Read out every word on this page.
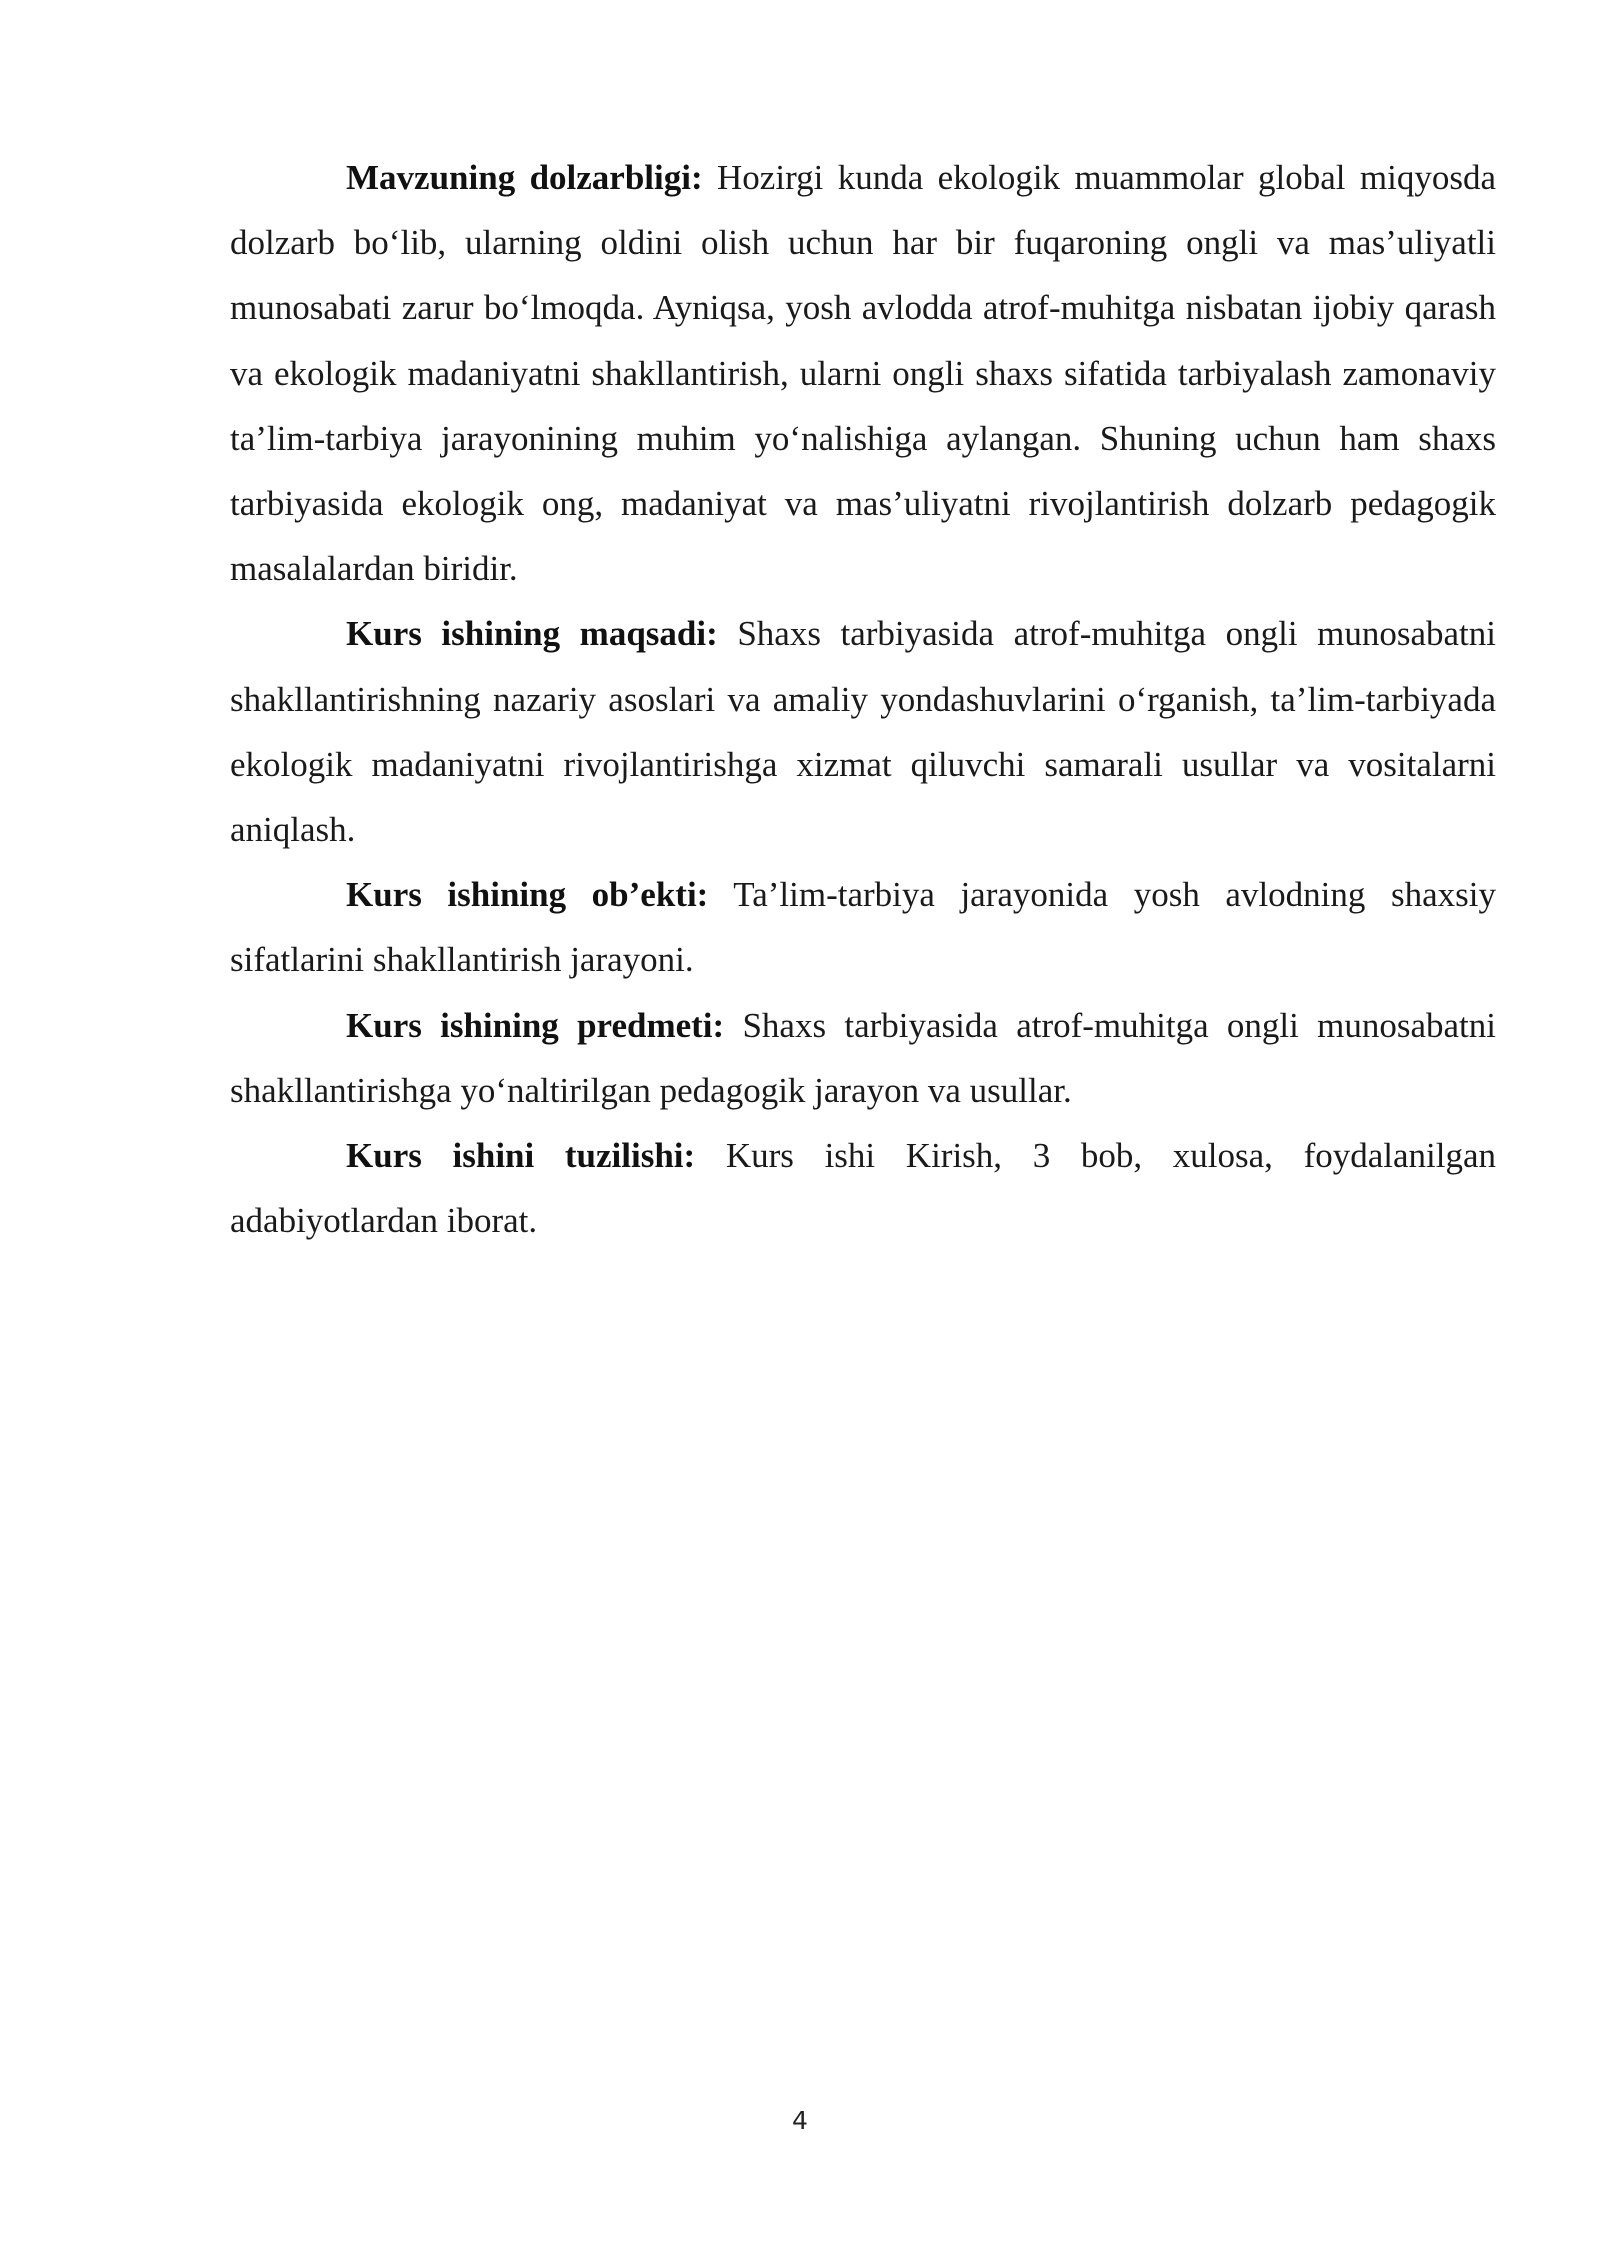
Mavzuning dolzarbligi: Hozirgi kunda ekologik muammolar global miqyosda dolzarb boʻlib, ularning oldini olish uchun har bir fuqaroning ongli va mas’uliyatli munosabati zarur boʻlmoqda. Ayniqsa, yosh avlodda atrof-muhitga nisbatan ijobiy qarash va ekologik madaniyatni shakllantirish, ularni ongli shaxs sifatida tarbiyalash zamonaviy ta’lim-tarbiya jarayonining muhim yoʻnalishiga aylangan. Shuning uchun ham shaxs tarbiyasida ekologik ong, madaniyat va mas’uliyatni rivojlantirish dolzarb pedagogik masalalardan biridir.

Kurs ishining maqsadi: Shaxs tarbiyasida atrof-muhitga ongli munosabatni shakllantirishning nazariy asoslari va amaliy yondashuvlarini oʻrganish, ta’lim-tarbiyada ekologik madaniyatni rivojlantirishga xizmat qiluvchi samarali usullar va vositalarni aniqlash.

Kurs ishining ob’ekti: Ta’lim-tarbiya jarayonida yosh avlodning shaxsiy sifatlarini shakllantirish jarayoni.

Kurs ishining predmeti: Shaxs tarbiyasida atrof-muhitga ongli munosabatni shakllantirishga yoʻnaltirilgan pedagogik jarayon va usullar.

Kurs ishini tuzilishi: Kurs ishi Kirish, 3 bob, xulosa, foydalanilgan adabiyotlardan iborat.

4
